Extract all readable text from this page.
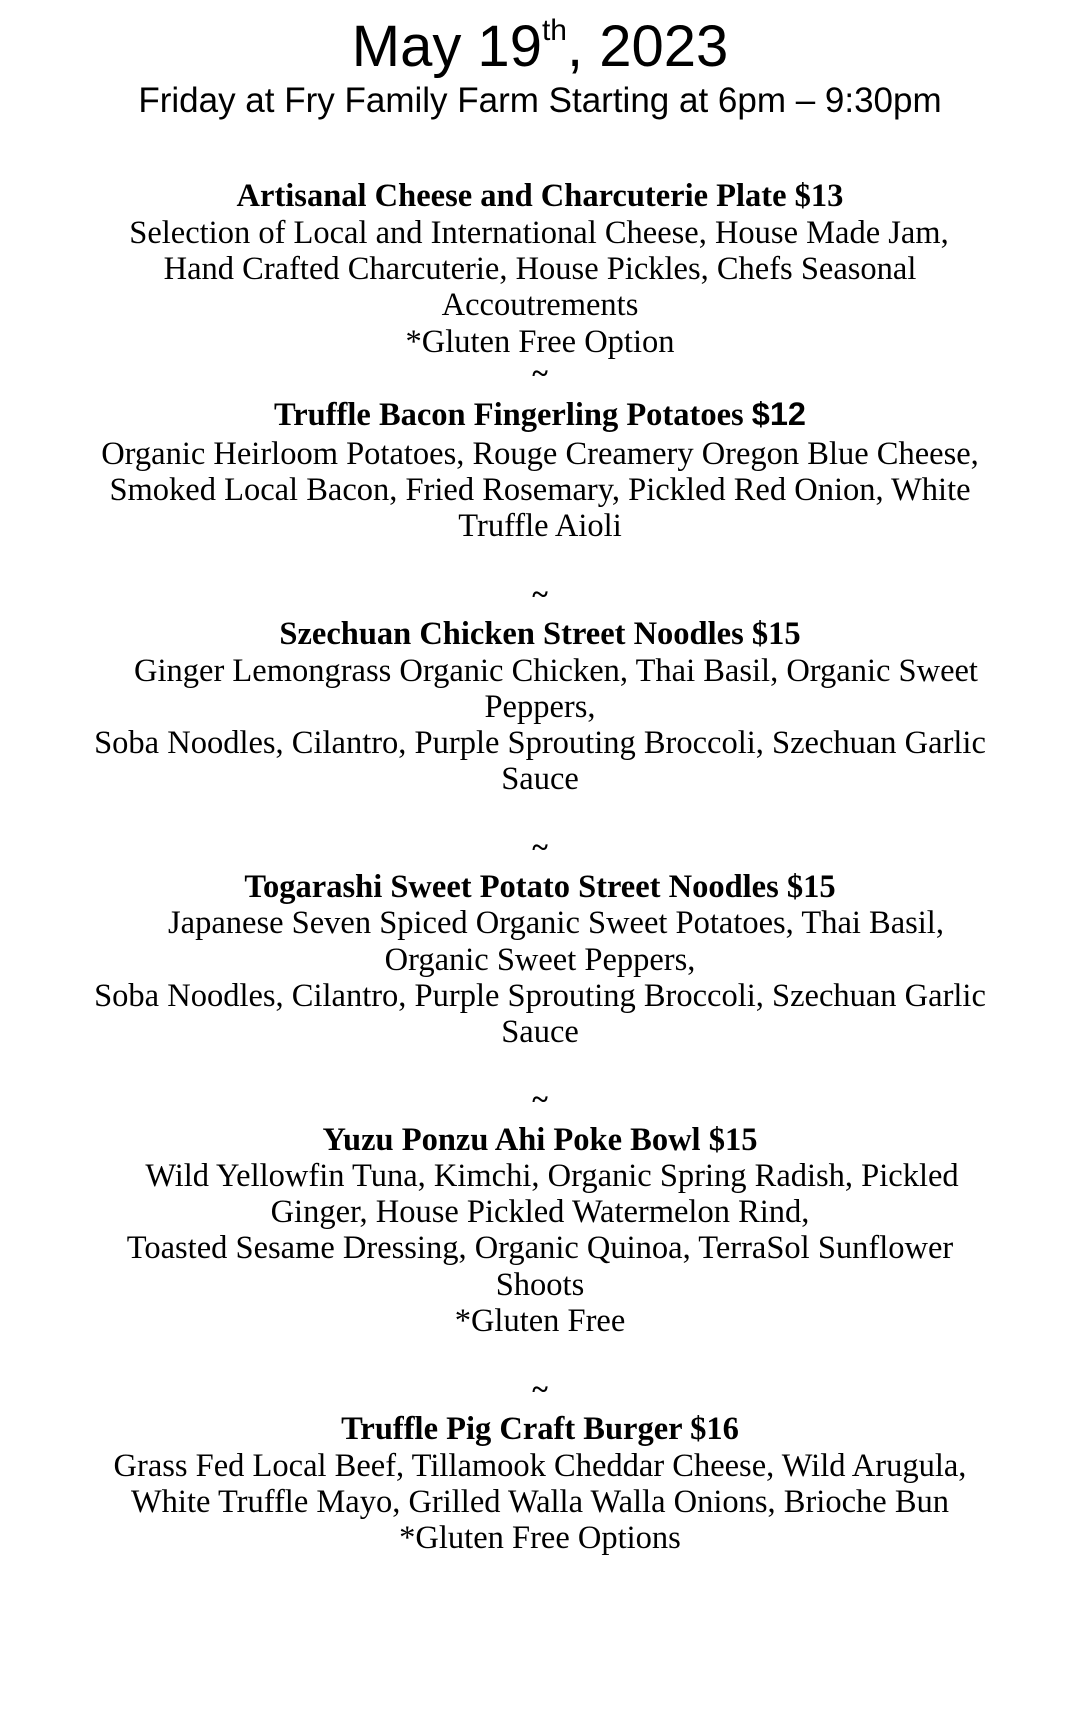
May 19th, 2023
Friday at Fry Family Farm Starting at 6pm – 9:30pm
Artisanal Cheese and Charcuterie Plate $13
Selection of Local and International Cheese, House Made Jam,
Hand Crafted Charcuterie, House Pickles, Chefs Seasonal
Accoutrements
*Gluten Free Option
~
Truffle Bacon Fingerling Potatoes $12
Organic Heirloom Potatoes, Rouge Creamery Oregon Blue Cheese,
Smoked Local Bacon, Fried Rosemary, Pickled Red Onion, White
Truffle Aioli
~
Szechuan Chicken Street Noodles $15
Ginger Lemongrass Organic Chicken, Thai Basil, Organic Sweet
Peppers,
Soba Noodles, Cilantro, Purple Sprouting Broccoli, Szechuan Garlic
Sauce
~
Togarashi Sweet Potato Street Noodles $15
Japanese Seven Spiced Organic Sweet Potatoes, Thai Basil,
Organic Sweet Peppers,
Soba Noodles, Cilantro, Purple Sprouting Broccoli, Szechuan Garlic
Sauce
~
Yuzu Ponzu Ahi Poke Bowl $15
Wild Yellowfin Tuna, Kimchi, Organic Spring Radish, Pickled
Ginger, House Pickled Watermelon Rind,
Toasted Sesame Dressing, Organic Quinoa, TerraSol Sunflower
Shoots
*Gluten Free
~
Truffle Pig Craft Burger $16
Grass Fed Local Beef, Tillamook Cheddar Cheese, Wild Arugula,
White Truffle Mayo, Grilled Walla Walla Onions, Brioche Bun
*Gluten Free Options
